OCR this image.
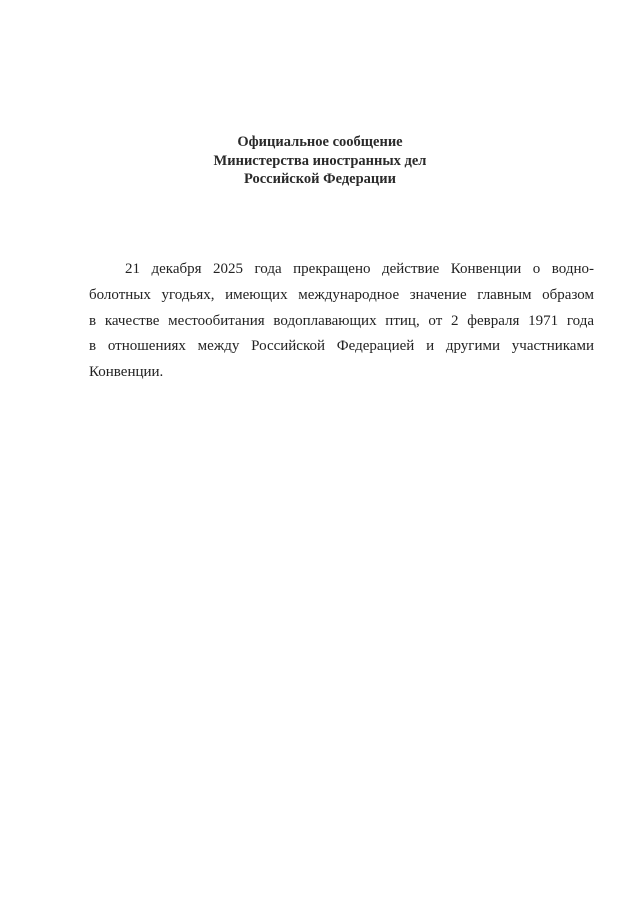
Официальное сообщение
Министерства иностранных дел
Российской Федерации
21 декабря 2025 года прекращено действие Конвенции о водно-
болотных угодьях, имеющих международное значение главным образом
в качестве местообитания водоплавающих птиц, от 2 февраля 1971 года
в отношениях между Российской Федерацией и другими участниками
Конвенции.
